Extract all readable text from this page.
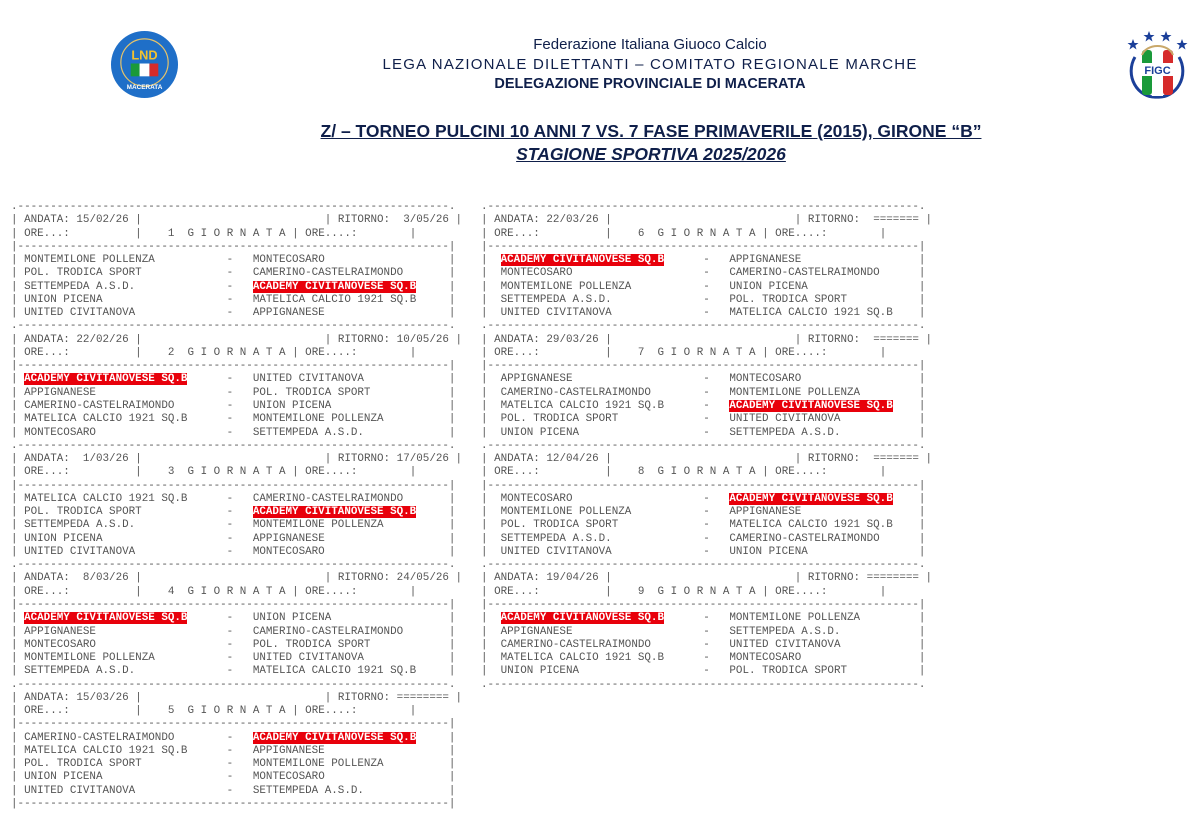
LND
MACERATA
FIGC
Federazione Italiana Giuoco Calcio
LEGA NAZIONALE DILETTANTI – COMITATO REGIONALE MARCHE
DELEGAZIONE PROVINCIALE DI MACERATA
Z/ – TORNEO PULCINI 10 ANNI 7 VS. 7 FASE PRIMAVERILE (2015), GIRONE “B”
STAGIONE SPORTIVA 2025/2026
.------------------------------------------------------------------.
| ANDATA: 15/02/26 |                            | RITORNO:  3/05/26 |
| ORE...:          |    1 G I O R N A T A | ORE....:        |
|------------------------------------------------------------------|
| MONTEMILONE POLLENZA           -   MONTECOSARO                   |
| POL. TRODICA SPORT             -   CAMERINO-CASTELRAIMONDO       |
| SETTEMPEDA A.S.D.              -   ACADEMY CIVITANOVESE SQ.B     |
| UNION PICENA                   -   MATELICA CALCIO 1921 SQ.B     |
| UNITED CIVITANOVA              -   APPIGNANESE                   |
.------------------------------------------------------------------.
| ANDATA: 22/02/26 |                            | RITORNO: 10/05/26 |
| ORE...:          |    2 G I O R N A T A | ORE....:        |
|------------------------------------------------------------------|
| ACADEMY CIVITANOVESE SQ.B      -   UNITED CIVITANOVA             |
| APPIGNANESE                    -   POL. TRODICA SPORT            |
| CAMERINO-CASTELRAIMONDO        -   UNION PICENA                  |
| MATELICA CALCIO 1921 SQ.B      -   MONTEMILONE POLLENZA          |
| MONTECOSARO                    -   SETTEMPEDA A.S.D.             |
.------------------------------------------------------------------.
| ANDATA:  1/03/26 |                            | RITORNO: 17/05/26 |
| ORE...:          |    3 G I O R N A T A | ORE....:        |
|------------------------------------------------------------------|
| MATELICA CALCIO 1921 SQ.B      -   CAMERINO-CASTELRAIMONDO       |
| POL. TRODICA SPORT             -   ACADEMY CIVITANOVESE SQ.B     |
| SETTEMPEDA A.S.D.              -   MONTEMILONE POLLENZA          |
| UNION PICENA                   -   APPIGNANESE                   |
| UNITED CIVITANOVA              -   MONTECOSARO                   |
.------------------------------------------------------------------.
| ANDATA:  8/03/26 |                            | RITORNO: 24/05/26 |
| ORE...:          |    4 G I O R N A T A | ORE....:        |
|------------------------------------------------------------------|
| ACADEMY CIVITANOVESE SQ.B      -   UNION PICENA                  |
| APPIGNANESE                    -   CAMERINO-CASTELRAIMONDO       |
| MONTECOSARO                    -   POL. TRODICA SPORT            |
| MONTEMILONE POLLENZA           -   UNITED CIVITANOVA             |
| SETTEMPEDA A.S.D.              -   MATELICA CALCIO 1921 SQ.B     |
.------------------------------------------------------------------.
| ANDATA: 15/03/26 |                            | RITORNO: ======== |
| ORE...:          |    5 G I O R N A T A | ORE....:        |
|------------------------------------------------------------------|
| CAMERINO-CASTELRAIMONDO        -   ACADEMY CIVITANOVESE SQ.B     |
| MATELICA CALCIO 1921 SQ.B      -   APPIGNANESE                   |
| POL. TRODICA SPORT             -   MONTEMILONE POLLENZA          |
| UNION PICENA                   -   MONTECOSARO                   |
| UNITED CIVITANOVA              -   SETTEMPEDA A.S.D.             |
|------------------------------------------------------------------|
.------------------------------------------------------------------.
| ANDATA: 22/03/26 |                            | RITORNO:  ======= |
| ORE...:          |    6 G I O R N A T A | ORE....:        |
|------------------------------------------------------------------|
|  ACADEMY CIVITANOVESE SQ.B      -   APPIGNANESE                  |
|  MONTECOSARO                    -   CAMERINO-CASTELRAIMONDO      |
|  MONTEMILONE POLLENZA           -   UNION PICENA                 |
|  SETTEMPEDA A.S.D.              -   POL. TRODICA SPORT           |
|  UNITED CIVITANOVA              -   MATELICA CALCIO 1921 SQ.B    |
.------------------------------------------------------------------.
| ANDATA: 29/03/26 |                            | RITORNO:  ======= |
| ORE...:          |    7 G I O R N A T A | ORE....:        |
|------------------------------------------------------------------|
|  APPIGNANESE                    -   MONTECOSARO                  |
|  CAMERINO-CASTELRAIMONDO        -   MONTEMILONE POLLENZA         |
|  MATELICA CALCIO 1921 SQ.B      -   ACADEMY CIVITANOVESE SQ.B    |
|  POL. TRODICA SPORT             -   UNITED CIVITANOVA            |
|  UNION PICENA                   -   SETTEMPEDA A.S.D.            |
.------------------------------------------------------------------.
| ANDATA: 12/04/26 |                            | RITORNO:  ======= |
| ORE...:          |    8 G I O R N A T A | ORE....:        |
|------------------------------------------------------------------|
|  MONTECOSARO                    -   ACADEMY CIVITANOVESE SQ.B    |
|  MONTEMILONE POLLENZA           -   APPIGNANESE                  |
|  POL. TRODICA SPORT             -   MATELICA CALCIO 1921 SQ.B    |
|  SETTEMPEDA A.S.D.              -   CAMERINO-CASTELRAIMONDO      |
|  UNITED CIVITANOVA              -   UNION PICENA                 |
.------------------------------------------------------------------.
| ANDATA: 19/04/26 |                            | RITORNO: ======== |
| ORE...:          |    9 G I O R N A T A | ORE....:        |
|------------------------------------------------------------------|
|  ACADEMY CIVITANOVESE SQ.B      -   MONTEMILONE POLLENZA         |
|  APPIGNANESE                    -   SETTEMPEDA A.S.D.            |
|  CAMERINO-CASTELRAIMONDO        -   UNITED CIVITANOVA            |
|  MATELICA CALCIO 1921 SQ.B      -   MONTECOSARO                  |
|  UNION PICENA                   -   POL. TRODICA SPORT           |
.------------------------------------------------------------------.
